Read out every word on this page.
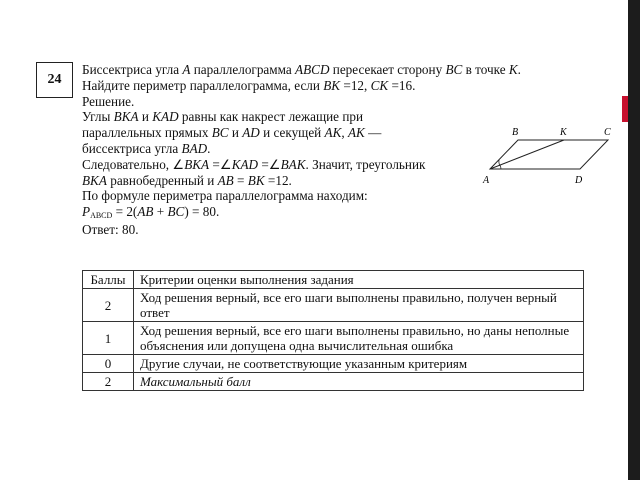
24
Биссектриса угла A параллелограмма ABCD пересекает сторону BC в точке K.
Найдите периметр параллелограмма, если BK =12, CK =16.
Решение.
Углы BKA и KAD равны как накрест лежащие при
параллельных прямых BC и AD и секущей AK, AK —
биссектриса угла BAD.
Следовательно, ∠BKA =∠KAD =∠BAK. Значит, треугольник
BKA равнобедренный и AB = BK =12.
По формуле периметра параллелограмма находим:
$P_{ABCD} = 2(AB + BC) = 80$.
Ответ: 80.
B	K	C
A	D
Баллы	Критерии оценки выполнения задания
2	Ход решения верный, все его шаги выполнены правильно, получен верный ответ
1	Ход решения верный, все его шаги выполнены правильно, но даны неполные объяснения или допущена одна вычислительная ошибка
0	Другие случаи, не соответствующие указанным критериям
2	Максимальный балл
